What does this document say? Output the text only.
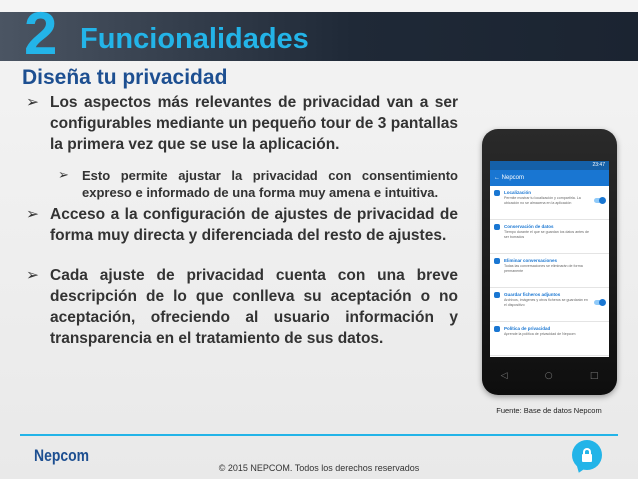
2 Funcionalidades
Diseña tu privacidad
➢ Los aspectos más relevantes de privacidad van a ser configurables mediante un pequeño tour de 3 pantallas la primera vez que se use la aplicación.
➢ Esto permite ajustar la privacidad con consentimiento expreso e informado de una forma muy amena e intuitiva.
➢ Acceso a la configuración de ajustes de privacidad de forma muy directa y diferenciada del resto de ajustes.
➢ Cada ajuste de privacidad cuenta con una breve descripción de lo que conlleva su aceptación o no aceptación, ofreciendo al usuario información y transparencia en el tratamiento de sus datos.
23:47
← Nepcom
Localización
Permite mostrar tu localización y compartirla. La ubicación no se almacena en la aplicación
Conservación de datos
Tiempo durante el que se guardan los datos antes de ser borrados
Eliminar conversaciones
Todas las conversaciones se eliminarán de forma permanente
Guardar ficheros adjuntos
Archivos, imágenes y otros ficheros se guardarán en el dispositivo
Política de privacidad
Aprende la política de privacidad de Nepcom
◁	○	□
Fuente: Base de datos Nepcom
Nepcom
© 2015 NEPCOM. Todos los derechos reservados
